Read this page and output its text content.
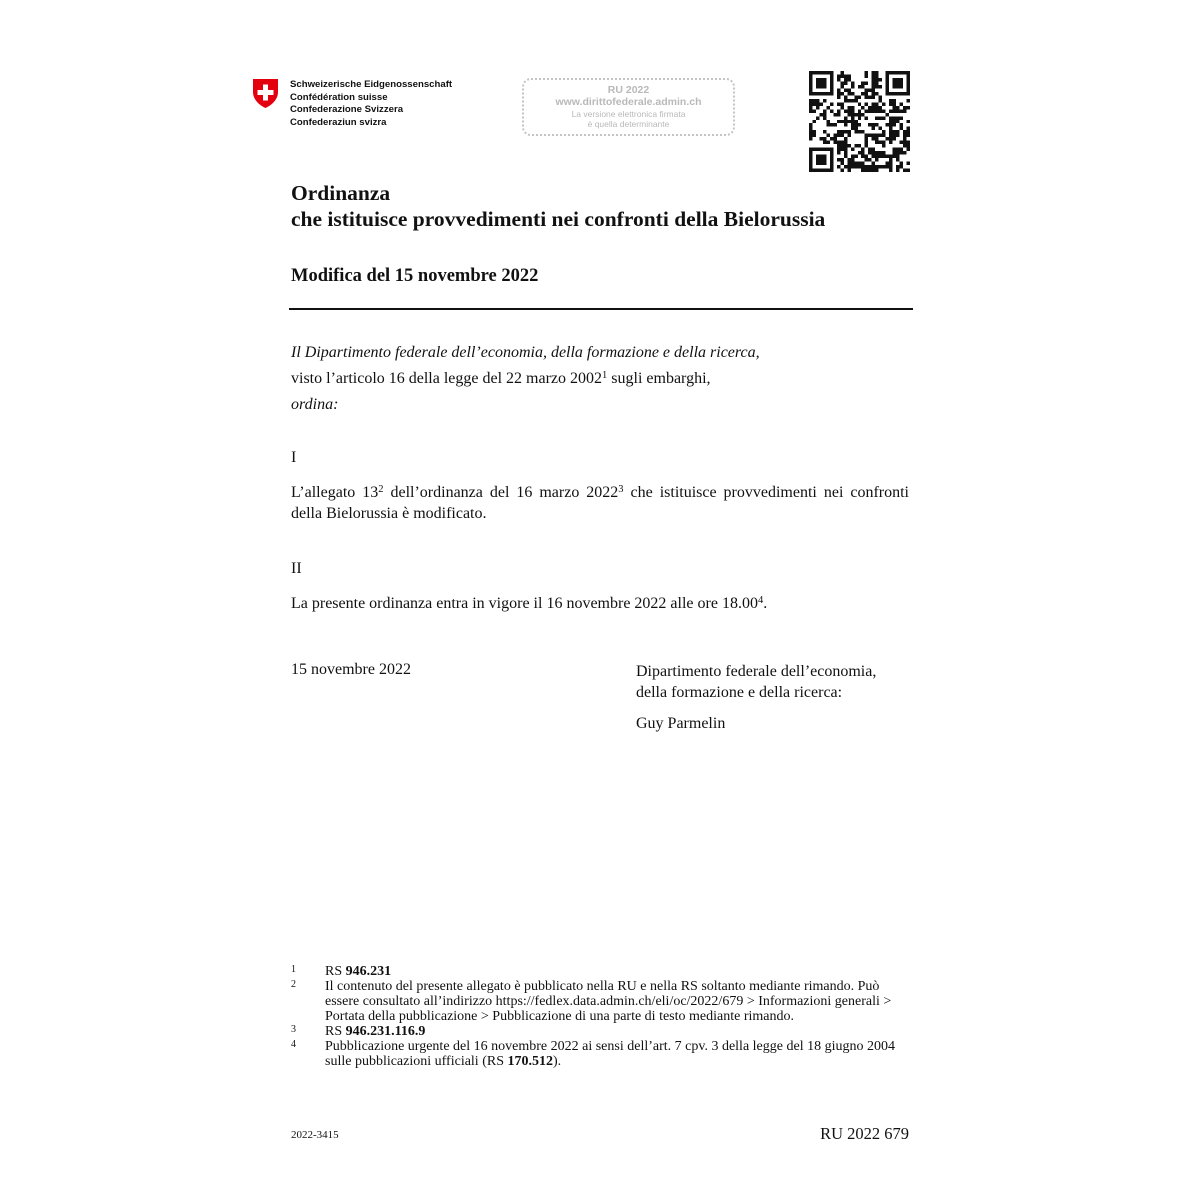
Schweizerische Eidgenossenschaft
Confédération suisse
Confederazione Svizzera
Confederaziun svizra
RU 2022
www.dirittofederale.admin.ch
La versione elettronica firmata
è quella determinante
Ordinanza
che istituisce provvedimenti nei confronti della Bielorussia
Modifica del 15 novembre 2022
Il Dipartimento federale dell’economia, della formazione e della ricerca,
visto l’articolo 16 della legge del 22 marzo 2002$^1$ sugli embarghi,
ordina:
I
L’allegato 13$^2$ dell’ordinanza del 16 marzo 2022$^3$ che istituisce provvedimenti nei confronti della Bielorussia è modificato.
II
La presente ordinanza entra in vigore il 16 novembre 2022 alle ore 18.00$^4$.
15 novembre 2022	Dipartimento federale dell’economia,
della formazione e della ricerca:
Guy Parmelin
1	RS 946.231
2	Il contenuto del presente allegato è pubblicato nella RU e nella RS soltanto mediante rimando. Può essere consultato all’indirizzo https://fedlex.data.admin.ch/eli/oc/2022/679 > Informazioni generali > Portata della pubblicazione > Pubblicazione di una parte di testo mediante rimando.
3	RS 946.231.116.9
4	Pubblicazione urgente del 16 novembre 2022 ai sensi dell’art. 7 cpv. 3 della legge del 18 giugno 2004 sulle pubblicazioni ufficiali (RS 170.512).
2022-3415	RU 2022 679
